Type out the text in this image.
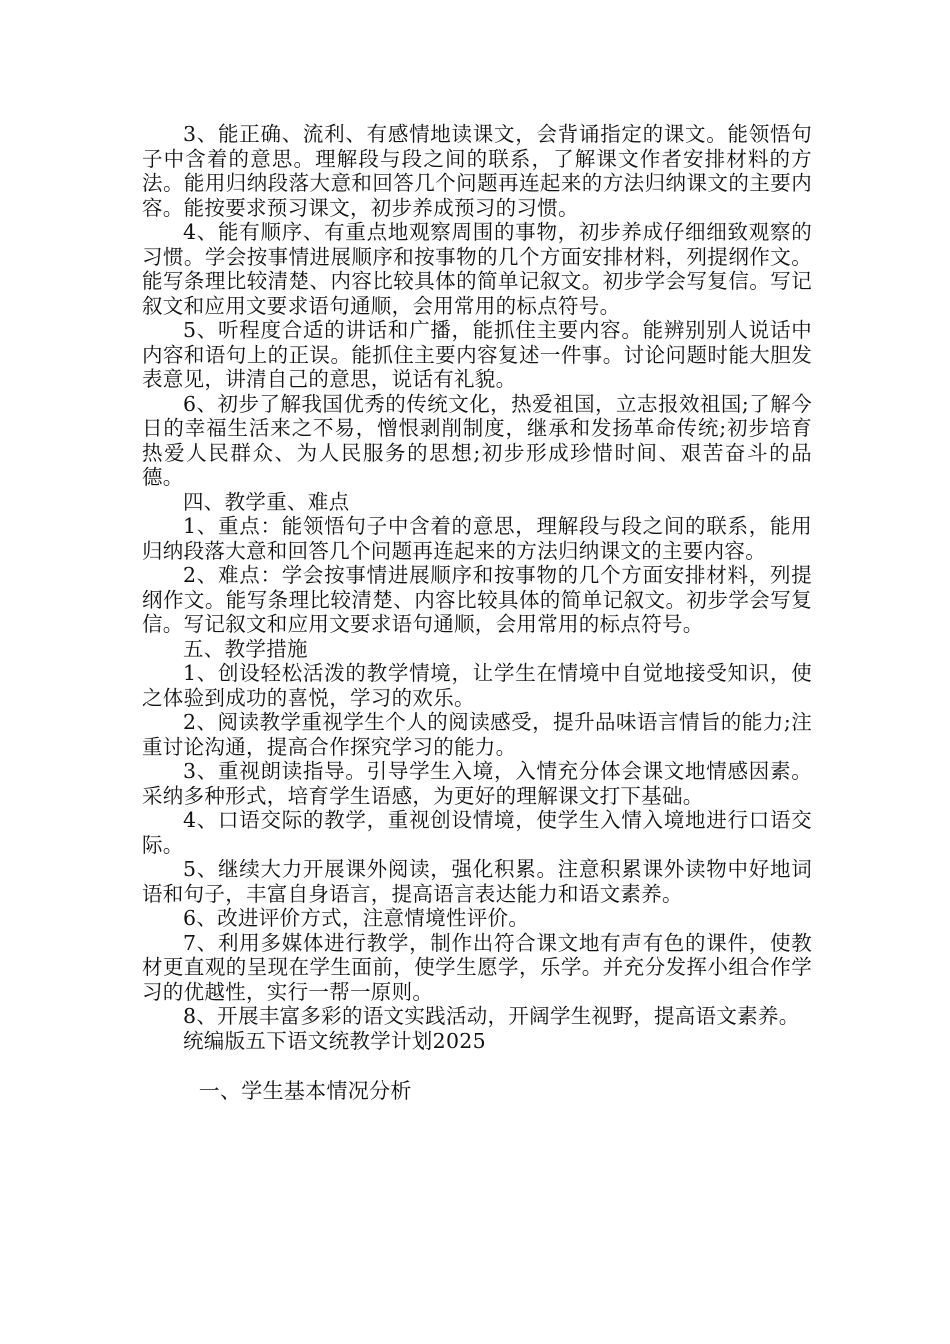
3、能正确、流利、有感情地读课文，会背诵指定的课文。能领悟句子中含着的意思。理解段与段之间的联系，了解课文作者安排材料的方法。能用归纳段落大意和回答几个问题再连起来的方法归纳课文的主要内容。能按要求预习课文，初步养成预习的习惯。

4、能有顺序、有重点地观察周围的事物，初步养成仔细细致观察的习惯。学会按事情进展顺序和按事物的几个方面安排材料，列提纲作文。能写条理比较清楚、内容比较具体的简单记叙文。初步学会写复信。写记叙文和应用文要求语句通顺，会用常用的标点符号。

5、听程度合适的讲话和广播，能抓住主要内容。能辨别别人说话中内容和语句上的正误。能抓住主要内容复述一件事。讨论问题时能大胆发表意见，讲清自己的意思，说话有礼貌。

6、初步了解我国优秀的传统文化，热爱祖国，立志报效祖国;了解今日的幸福生活来之不易，憎恨剥削制度，继承和发扬革命传统;初步培育热爱人民群众、为人民服务的思想;初步形成珍惜时间、艰苦奋斗的品德。

四、教学重、难点

1、重点：能领悟句子中含着的意思，理解段与段之间的联系，能用归纳段落大意和回答几个问题再连起来的方法归纳课文的主要内容。

2、难点：学会按事情进展顺序和按事物的几个方面安排材料，列提纲作文。能写条理比较清楚、内容比较具体的简单记叙文。初步学会写复信。写记叙文和应用文要求语句通顺，会用常用的标点符号。

五、教学措施

1、创设轻松活泼的教学情境，让学生在情境中自觉地接受知识，使之体验到成功的喜悦，学习的欢乐。

2、阅读教学重视学生个人的阅读感受，提升品味语言情旨的能力;注重讨论沟通，提高合作探究学习的能力。

3、重视朗读指导。引导学生入境，入情充分体会课文地情感因素。采纳多种形式，培育学生语感，为更好的理解课文打下基础。

4、口语交际的教学，重视创设情境，使学生入情入境地进行口语交际。

5、继续大力开展课外阅读，强化积累。注意积累课外读物中好地词语和句子，丰富自身语言，提高语言表达能力和语文素养。

6、改进评价方式，注意情境性评价。

7、利用多媒体进行教学，制作出符合课文地有声有色的课件，使教材更直观的呈现在学生面前，使学生愿学，乐学。并充分发挥小组合作学习的优越性，实行一帮一原则。

8、开展丰富多彩的语文实践活动，开阔学生视野，提高语文素养。

统编版五下语文统教学计划2025

一、学生基本情况分析
